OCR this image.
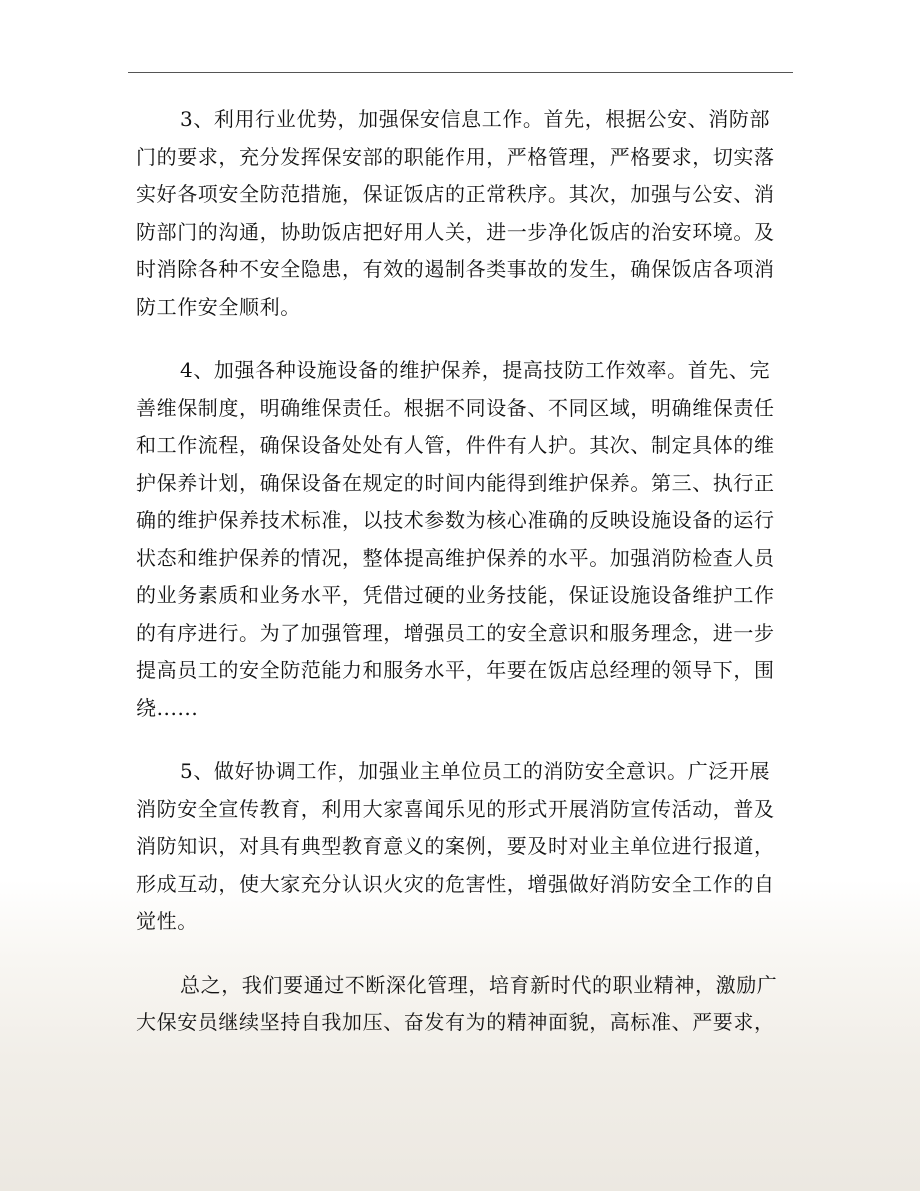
3、利用行业优势，加强保安信息工作。首先，根据公安、消防部
门的要求，充分发挥保安部的职能作用，严格管理，严格要求，切实落
实好各项安全防范措施，保证饭店的正常秩序。其次，加强与公安、消
防部门的沟通，协助饭店把好用人关，进一步净化饭店的治安环境。及
时消除各种不安全隐患，有效的遏制各类事故的发生，确保饭店各项消
防工作安全顺利。

4、加强各种设施设备的维护保养，提高技防工作效率。首先、完
善维保制度，明确维保责任。根据不同设备、不同区域，明确维保责任
和工作流程，确保设备处处有人管，件件有人护。其次、制定具体的维
护保养计划，确保设备在规定的时间内能得到维护保养。第三、执行正
确的维护保养技术标准，以技术参数为核心准确的反映设施设备的运行
状态和维护保养的情况，整体提高维护保养的水平。加强消防检查人员
的业务素质和业务水平，凭借过硬的业务技能，保证设施设备维护工作
的有序进行。为了加强管理，增强员工的安全意识和服务理念，进一步
提高员工的安全防范能力和服务水平，年要在饭店总经理的领导下，围
绕......

5、做好协调工作，加强业主单位员工的消防安全意识。广泛开展
消防安全宣传教育，利用大家喜闻乐见的形式开展消防宣传活动，普及
消防知识，对具有典型教育意义的案例，要及时对业主单位进行报道，
形成互动，使大家充分认识火灾的危害性，增强做好消防安全工作的自
觉性。

总之，我们要通过不断深化管理，培育新时代的职业精神，激励广
大保安员继续坚持自我加压、奋发有为的精神面貌，高标准、严要求，
